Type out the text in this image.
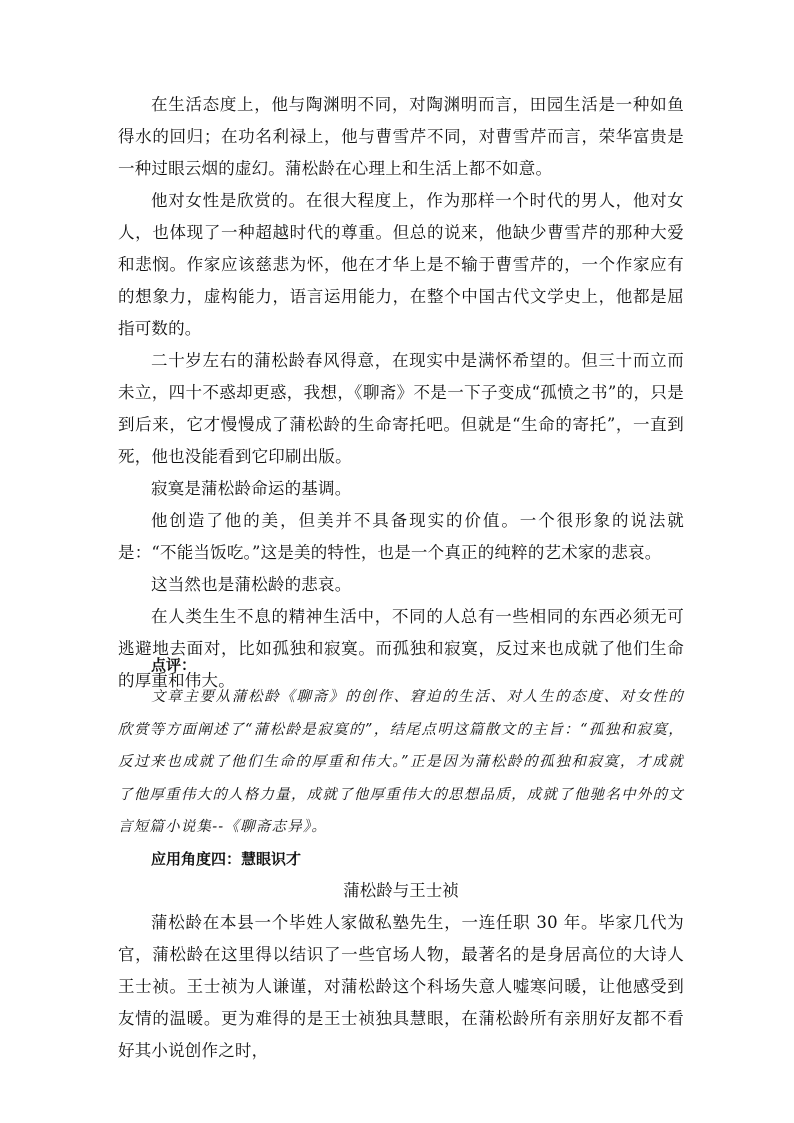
在生活态度上，他与陶渊明不同，对陶渊明而言，田园生活是一种如鱼得水的回归；在功名利禄上，他与曹雪芹不同，对曹雪芹而言，荣华富贵是一种过眼云烟的虚幻。蒲松龄在心理上和生活上都不如意。

他对女性是欣赏的。在很大程度上，作为那样一个时代的男人，他对女人，也体现了一种超越时代的尊重。但总的说来，他缺少曹雪芹的那种大爱和悲悯。作家应该慈悲为怀，他在才华上是不输于曹雪芹的，一个作家应有的想象力，虚构能力，语言运用能力，在整个中国古代文学史上，他都是屈指可数的。

二十岁左右的蒲松龄春风得意，在现实中是满怀希望的。但三十而立而未立，四十不惑却更惑，我想，《聊斋》不是一下子变成“孤愤之书”的，只是到后来，它才慢慢成了蒲松龄的生命寄托吧。但就是“生命的寄托”，一直到死，他也没能看到它印刷出版。

寂寞是蒲松龄命运的基调。

他创造了他的美，但美并不具备现实的价值。一个很形象的说法就是：“不能当饭吃。”这是美的特性，也是一个真正的纯粹的艺术家的悲哀。

这当然也是蒲松龄的悲哀。

在人类生生不息的精神生活中，不同的人总有一些相同的东西必须无可逃避地去面对，比如孤独和寂寞。而孤独和寂寞，反过来也成就了他们生命的厚重和伟大。

点评：

文章主要从蒲松龄《聊斋》的创作、窘迫的生活、对人生的态度、对女性的欣赏等方面阐述了“蒲松龄是寂寞的”，结尾点明这篇散文的主旨：“孤独和寂寞，反过来也成就了他们生命的厚重和伟大。”正是因为蒲松龄的孤独和寂寞，才成就了他厚重伟大的人格力量，成就了他厚重伟大的思想品质，成就了他驰名中外的文言短篇小说集--《聊斋志异》。

应用角度四：慧眼识才

蒲松龄与王士祯

蒲松龄在本县一个毕姓人家做私塾先生，一连任职 30 年。毕家几代为官，蒲松龄在这里得以结识了一些官场人物，最著名的是身居高位的大诗人王士祯。王士祯为人谦谨，对蒲松龄这个科场失意人嘘寒问暖，让他感受到友情的温暖。更为难得的是王士祯独具慧眼，在蒲松龄所有亲朋好友都不看好其小说创作之时，
